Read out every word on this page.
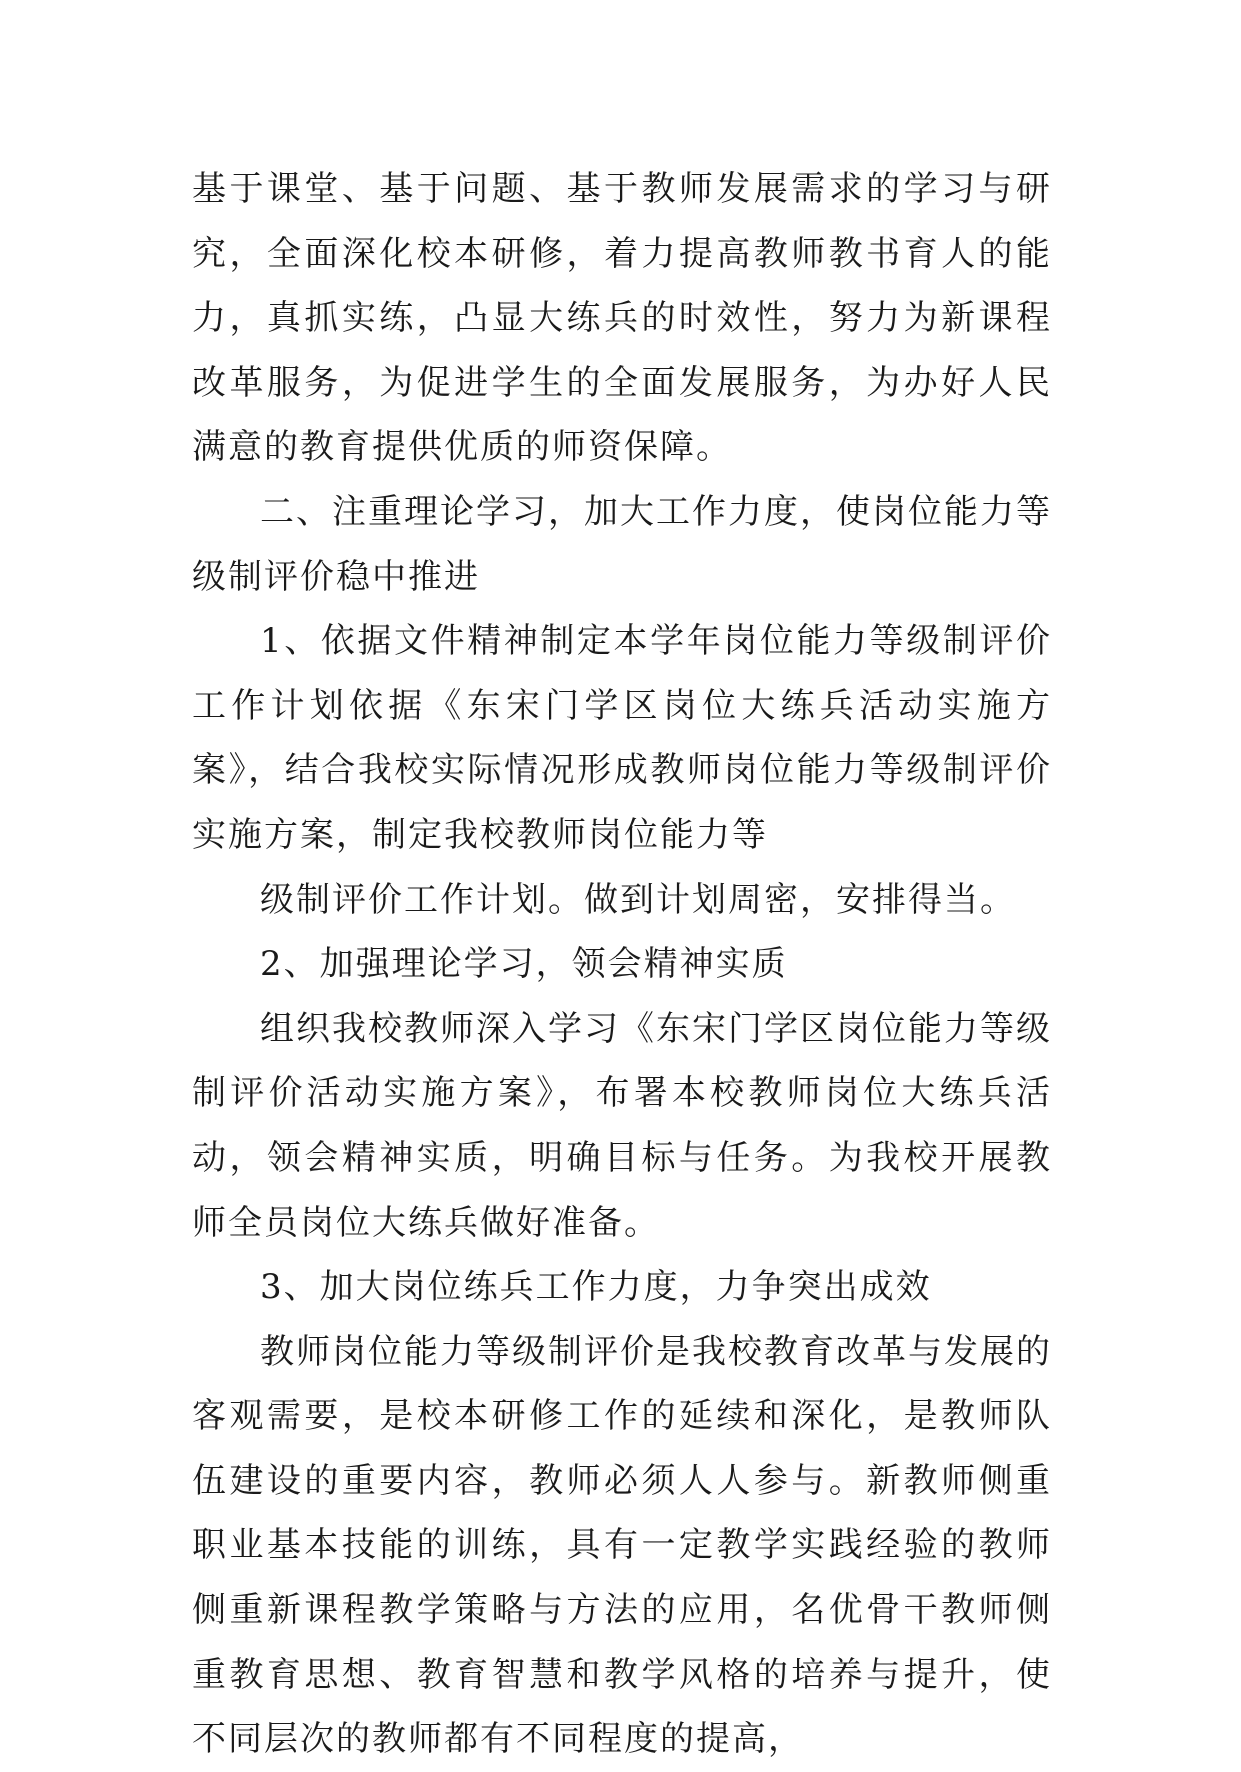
基于课堂、基于问题、基于教师发展需求的学习与研究，全面深化校本研修，着力提高教师教书育人的能力，真抓实练，凸显大练兵的时效性，努力为新课程改革服务，为促进学生的全面发展服务，为办好人民满意的教育提供优质的师资保障。

二、注重理论学习，加大工作力度，使岗位能力等级制评价稳中推进

1、依据文件精神制定本学年岗位能力等级制评价工作计划依据《东宋门学区岗位大练兵活动实施方案》，结合我校实际情况形成教师岗位能力等级制评价实施方案，制定我校教师岗位能力等

级制评价工作计划。做到计划周密，安排得当。

2、加强理论学习，领会精神实质

组织我校教师深入学习《东宋门学区岗位能力等级制评价活动实施方案》，布署本校教师岗位大练兵活动，领会精神实质，明确目标与任务。为我校开展教师全员岗位大练兵做好准备。

3、加大岗位练兵工作力度，力争突出成效

教师岗位能力等级制评价是我校教育改革与发展的客观需要，是校本研修工作的延续和深化，是教师队伍建设的重要内容，教师必须人人参与。新教师侧重职业基本技能的训练，具有一定教学实践经验的教师侧重新课程教学策略与方法的应用，名优骨干教师侧重教育思想、教育智慧和教学风格的培养与提升，使不同层次的教师都有不同程度的提高，
